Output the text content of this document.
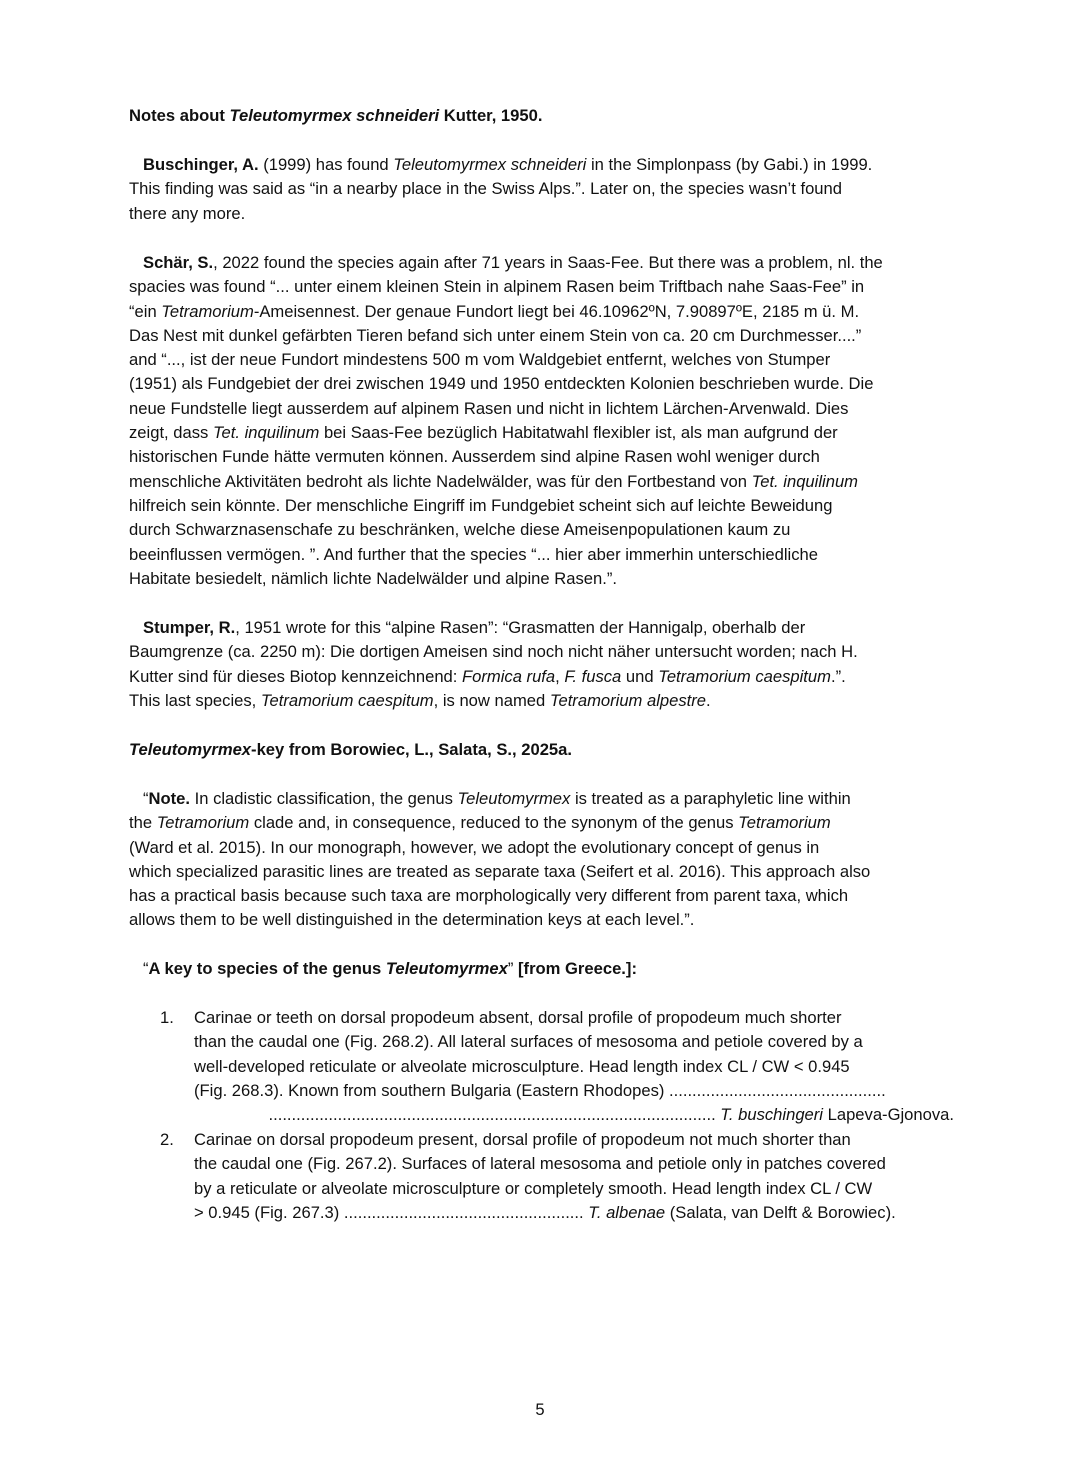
Notes about Teleutomyrmex schneideri Kutter, 1950.

Buschinger, A. (1999) has found Teleutomyrmex schneideri in the Simplonpass (by Gabi.) in 1999.
This finding was said as “in a nearby place in the Swiss Alps.”. Later on, the species wasn’t found
there any more.
Schär, S., 2022 found the species again after 71 years in Saas-Fee. But there was a problem, nl. the
spacies was found “... unter einem kleinen Stein in alpinem Rasen beim Triftbach nahe Saas-Fee” in
“ein Tetramorium-Ameisennest. Der genaue Fundort liegt bei 46.10962ºN, 7.90897ºE, 2185 m ü. M.
Das Nest mit dunkel gefärbten Tieren befand sich unter einem Stein von ca. 20 cm Durchmesser....”
and “..., ist der neue Fundort mindestens 500 m vom Waldgebiet entfernt, welches von Stumper
(1951) als Fundgebiet der drei zwischen 1949 und 1950 entdeckten Kolonien beschrieben wurde. Die
neue Fundstelle liegt ausserdem auf alpinem Rasen und nicht in lichtem Lärchen-Arvenwald. Dies
zeigt, dass Tet. inquilinum bei Saas-Fee bezüglich Habitatwahl flexibler ist, als man aufgrund der
historischen Funde hätte vermuten können. Ausserdem sind alpine Rasen wohl weniger durch
menschliche Aktivitäten bedroht als lichte Nadelwälder, was für den Fortbestand von Tet. inquilinum
hilfreich sein könnte. Der menschliche Eingriff im Fundgebiet scheint sich auf leichte Beweidung
durch Schwarznasenschafe zu beschränken, welche diese Ameisenpopulationen kaum zu
beeinflussen vermögen. ”. And further that the species “... hier aber immerhin unterschiedliche
Habitate besiedelt, nämlich lichte Nadelwälder und alpine Rasen.”.
Stumper, R., 1951 wrote for this “alpine Rasen”: “Grasmatten der Hannigalp, oberhalb der
Baumgrenze (ca. 2250 m): Die dortigen Ameisen sind noch nicht näher untersucht worden; nach H.
Kutter sind für dieses Biotop kennzeichnend: Formica rufa, F. fusca und Tetramorium caespitum.”.
This last species, Tetramorium caespitum, is now named Tetramorium alpestre.

Teleutomyrmex-key from Borowiec, L., Salata, S., 2025a.

“Note. In cladistic classification, the genus Teleutomyrmex is treated as a paraphyletic line within
the Tetramorium clade and, in consequence, reduced to the synonym of the genus Tetramorium
(Ward et al. 2015). In our monograph, however, we adopt the evolutionary concept of genus in
which specialized parasitic lines are treated as separate taxa (Seifert et al. 2016). This approach also
has a practical basis because such taxa are morphologically very different from parent taxa, which
allows them to be well distinguished in the determination keys at each level.”.

“A key to species of the genus Teleutomyrmex” [from Greece.]:

1.	Carinae or teeth on dorsal propodeum absent, dorsal profile of propodeum much shorter
than the caudal one (Fig. 268.2). All lateral surfaces of mesosoma and petiole covered by a
well-developed reticulate or alveolate microsculpture. Head length index CL / CW < 0.945
(Fig. 268.3). Known from southern Bulgaria (Eastern Rhodopes) ...............................................
................................................................................................. T. buschingeri Lapeva-Gjonova.
2.	Carinae on dorsal propodeum present, dorsal profile of propodeum not much shorter than
the caudal one (Fig. 267.2). Surfaces of lateral mesosoma and petiole only in patches covered
by a reticulate or alveolate microsculpture or completely smooth. Head length index CL / CW
> 0.945 (Fig. 267.3) .................................................... T. albenae (Salata, van Delft & Borowiec).
5
